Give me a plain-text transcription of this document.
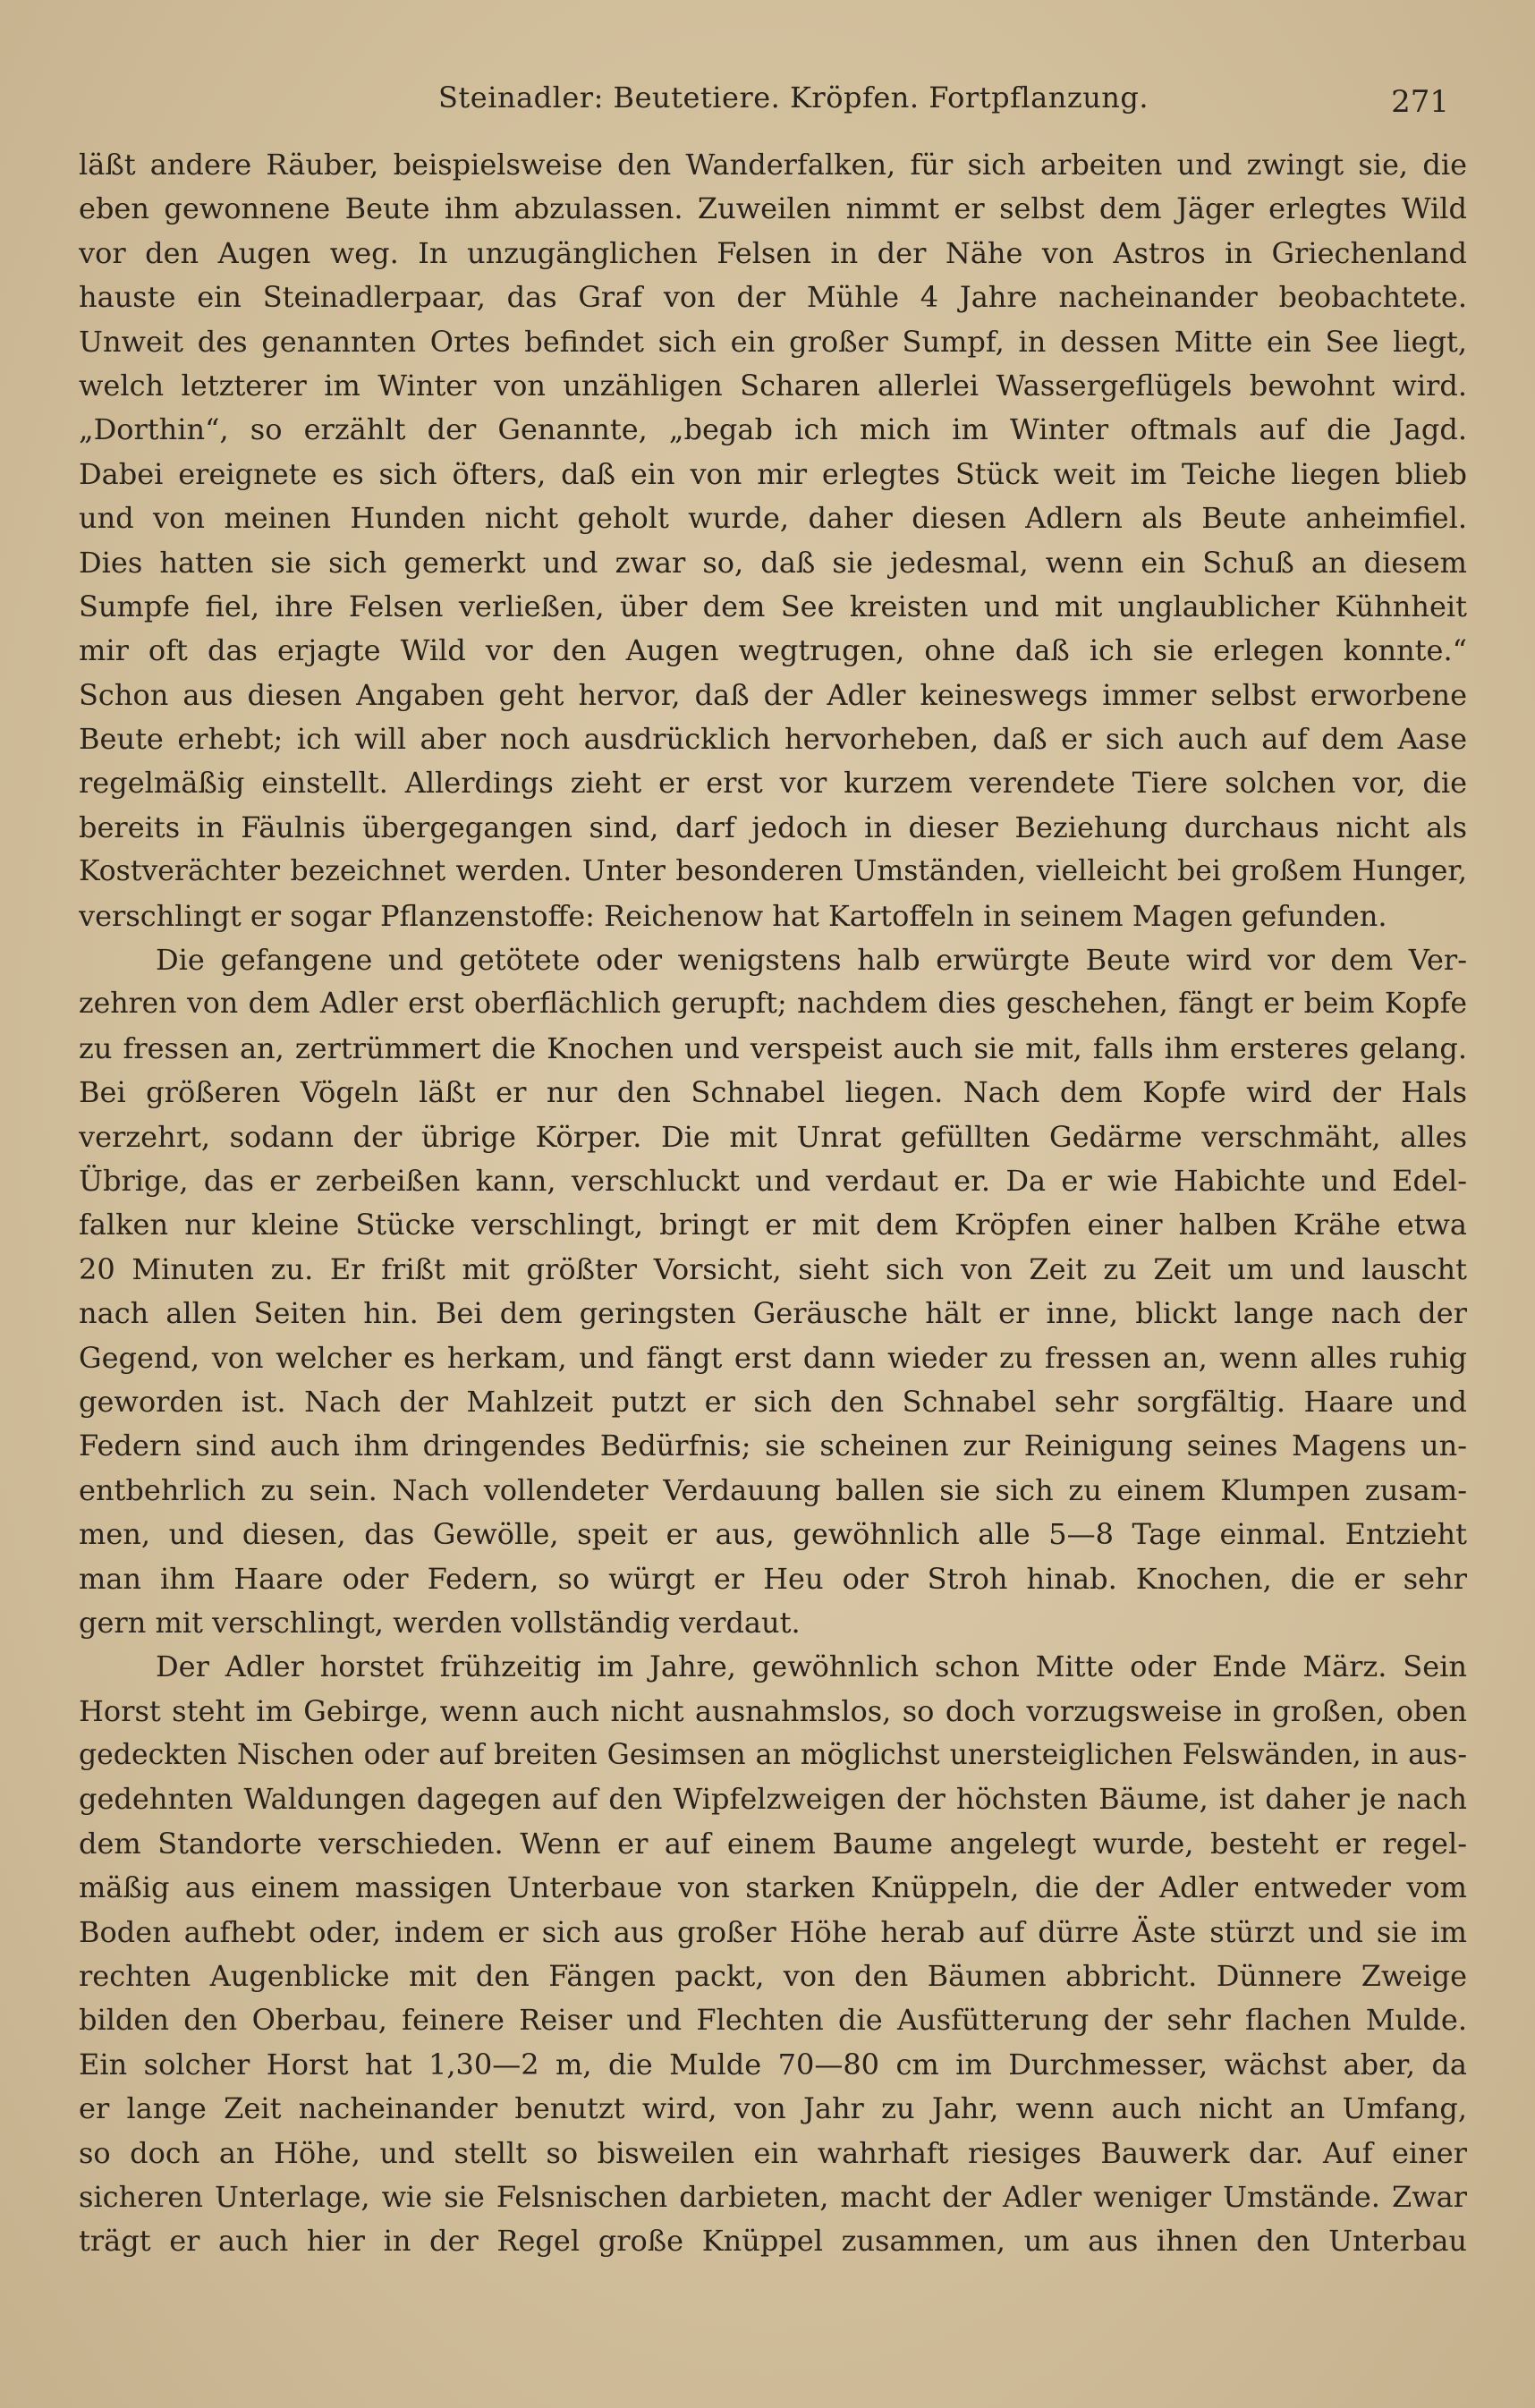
Steinadler: Beutetiere. Kröpfen. Fortpflanzung.	271
läßt andere Räuber, beispielsweise den Wanderfalken, für sich arbeiten und zwingt sie, die
eben gewonnene Beute ihm abzulassen. Zuweilen nimmt er selbst dem Jäger erlegtes Wild
vor den Augen weg. In unzugänglichen Felsen in der Nähe von Astros in Griechenland
hauste ein Steinadlerpaar, das Graf von der Mühle 4 Jahre nacheinander beobachtete.
Unweit des genannten Ortes befindet sich ein großer Sumpf, in dessen Mitte ein See liegt,
welch letzterer im Winter von unzähligen Scharen allerlei Wassergeflügels bewohnt wird.
„Dorthin“, so erzählt der Genannte, „begab ich mich im Winter oftmals auf die Jagd.
Dabei ereignete es sich öfters, daß ein von mir erlegtes Stück weit im Teiche liegen blieb
und von meinen Hunden nicht geholt wurde, daher diesen Adlern als Beute anheimfiel.
Dies hatten sie sich gemerkt und zwar so, daß sie jedesmal, wenn ein Schuß an diesem
Sumpfe fiel, ihre Felsen verließen, über dem See kreisten und mit unglaublicher Kühnheit
mir oft das erjagte Wild vor den Augen wegtrugen, ohne daß ich sie erlegen konnte.“
Schon aus diesen Angaben geht hervor, daß der Adler keineswegs immer selbst erworbene
Beute erhebt; ich will aber noch ausdrücklich hervorheben, daß er sich auch auf dem Aase
regelmäßig einstellt. Allerdings zieht er erst vor kurzem verendete Tiere solchen vor, die
bereits in Fäulnis übergegangen sind, darf jedoch in dieser Beziehung durchaus nicht als
Kostverächter bezeichnet werden. Unter besonderen Umständen, vielleicht bei großem Hunger,
verschlingt er sogar Pflanzenstoffe: Reichenow hat Kartoffeln in seinem Magen gefunden.
Die gefangene und getötete oder wenigstens halb erwürgte Beute wird vor dem Ver-
zehren von dem Adler erst oberflächlich gerupft; nachdem dies geschehen, fängt er beim Kopfe
zu fressen an, zertrümmert die Knochen und verspeist auch sie mit, falls ihm ersteres gelang.
Bei größeren Vögeln läßt er nur den Schnabel liegen. Nach dem Kopfe wird der Hals
verzehrt, sodann der übrige Körper. Die mit Unrat gefüllten Gedärme verschmäht, alles
Übrige, das er zerbeißen kann, verschluckt und verdaut er. Da er wie Habichte und Edel-
falken nur kleine Stücke verschlingt, bringt er mit dem Kröpfen einer halben Krähe etwa
20 Minuten zu. Er frißt mit größter Vorsicht, sieht sich von Zeit zu Zeit um und lauscht
nach allen Seiten hin. Bei dem geringsten Geräusche hält er inne, blickt lange nach der
Gegend, von welcher es herkam, und fängt erst dann wieder zu fressen an, wenn alles ruhig
geworden ist. Nach der Mahlzeit putzt er sich den Schnabel sehr sorgfältig. Haare und
Federn sind auch ihm dringendes Bedürfnis; sie scheinen zur Reinigung seines Magens un-
entbehrlich zu sein. Nach vollendeter Verdauung ballen sie sich zu einem Klumpen zusam-
men, und diesen, das Gewölle, speit er aus, gewöhnlich alle 5—8 Tage einmal. Entzieht
man ihm Haare oder Federn, so würgt er Heu oder Stroh hinab. Knochen, die er sehr
gern mit verschlingt, werden vollständig verdaut.
Der Adler horstet frühzeitig im Jahre, gewöhnlich schon Mitte oder Ende März. Sein
Horst steht im Gebirge, wenn auch nicht ausnahmslos, so doch vorzugsweise in großen, oben
gedeckten Nischen oder auf breiten Gesimsen an möglichst unersteiglichen Felswänden, in aus-
gedehnten Waldungen dagegen auf den Wipfelzweigen der höchsten Bäume, ist daher je nach
dem Standorte verschieden. Wenn er auf einem Baume angelegt wurde, besteht er regel-
mäßig aus einem massigen Unterbaue von starken Knüppeln, die der Adler entweder vom
Boden aufhebt oder, indem er sich aus großer Höhe herab auf dürre Äste stürzt und sie im
rechten Augenblicke mit den Fängen packt, von den Bäumen abbricht. Dünnere Zweige
bilden den Oberbau, feinere Reiser und Flechten die Ausfütterung der sehr flachen Mulde.
Ein solcher Horst hat 1,30—2 m, die Mulde 70—80 cm im Durchmesser, wächst aber, da
er lange Zeit nacheinander benutzt wird, von Jahr zu Jahr, wenn auch nicht an Umfang,
so doch an Höhe, und stellt so bisweilen ein wahrhaft riesiges Bauwerk dar. Auf einer
sicheren Unterlage, wie sie Felsnischen darbieten, macht der Adler weniger Umstände. Zwar
trägt er auch hier in der Regel große Knüppel zusammen, um aus ihnen den Unterbau
